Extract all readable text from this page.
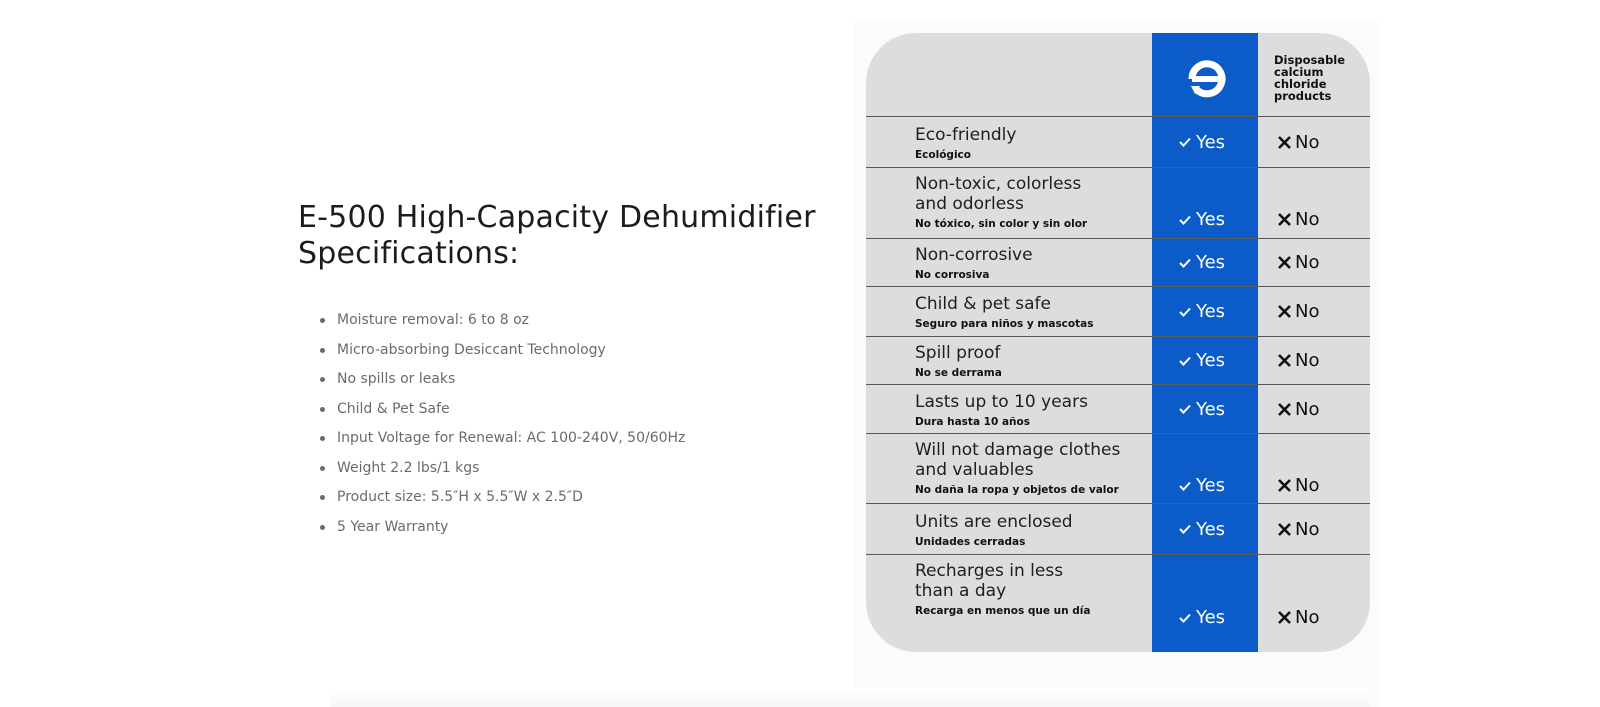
E-500 High-Capacity Dehumidifier
Specifications:
Moisture removal: 6 to 8 oz
Micro-absorbing Desiccant Technology
No spills or leaks
Child & Pet Safe
Input Voltage for Renewal: AC 100-240V, 50/60Hz
Weight 2.2 lbs/1 kgs
Product size: 5.5″H x 5.5″W x 2.5″D
5 Year Warranty
Disposable calcium chloride products
Eco-friendly
Ecológico
Yes	No
Non-toxic, colorless
and odorless
No tóxico, sin color y sin olor	Yes	No
Non-corrosive
No corrosiva
Yes	No
Child & pet safe
Seguro para niños y mascotas
Yes	No
Spill proof
No se derrama
Yes	No
Lasts up to 10 years
Dura hasta 10 años
Yes	No
Will not damage clothes
and valuables
No daña la ropa y objetos de valor	Yes	No
Units are enclosed
Unidades cerradas
Yes	No
Recharges in less
than a day
Recarga en menos que un día	Yes	No
